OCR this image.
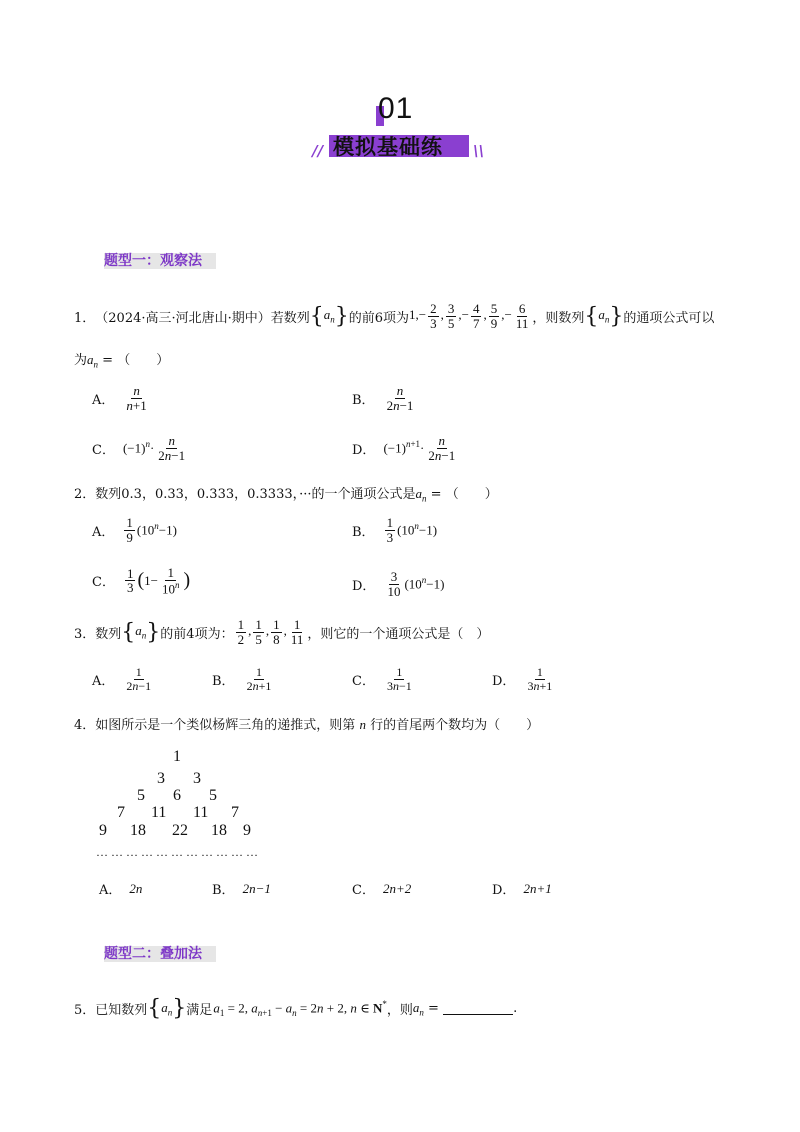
01
// 模拟基础练 \\
题型一：观察法
1． （2024·高三·河北唐山·期中）若数列 { $a_n$ } 的前6项为 $1,- \frac{2}{3}$ , $\frac{3}{5}$ ,− $\frac{4}{7}$ , $\frac{5}{9}$ ,− $\frac{6}{11}$ ，则数列 { $a_n$ } 的通项公式可以
为$a_n$ = （　　）
A．
n
n+1	B．
n
2n−1
C． $(-1)^n\cdot$
n
2n−1	D． $(-1)^{n+1}\cdot$
n
2n−1
2．数列0.3，0.33，0.333，0.3333，···的一个通项公式是$a_n$ = （　　）
A．
1
9 $(10^n-1)$	B．
1
3 $(10^n-1)$
C．
1
3 ( $1- \frac{1}{10^n}$ )	D．
3
10 $(10^n-1)$
3． 数列 { $a_n$ } 的前4项为： $\frac{1}{2}$ , $\frac{1}{5}$ , $\frac{1}{8}$ , $\frac{1}{11}$ ，则它的一个通项公式是 （　）
A．
1
2n−1	B．
1
2n+1	C．
1
3n−1	D．
1
3n+1
4．如图所示是一个类似杨辉三角的递推式，则第 n 行的首尾两个数均为（　　）
1
3 3
5 6 5
7 11 11 7
9 18 22 18 9
… … … … … … … … … … …
A． 2n	B． 2n−1	C． 2n+2	D． 2n+1
题型二：叠加法
5． 已知数列 { $a_n$ } 满足
  $a_1 = 2$, $a_{n+1} - a_n = 2n + 2$, n ∈ N* ，则 $a_n$ =	.
